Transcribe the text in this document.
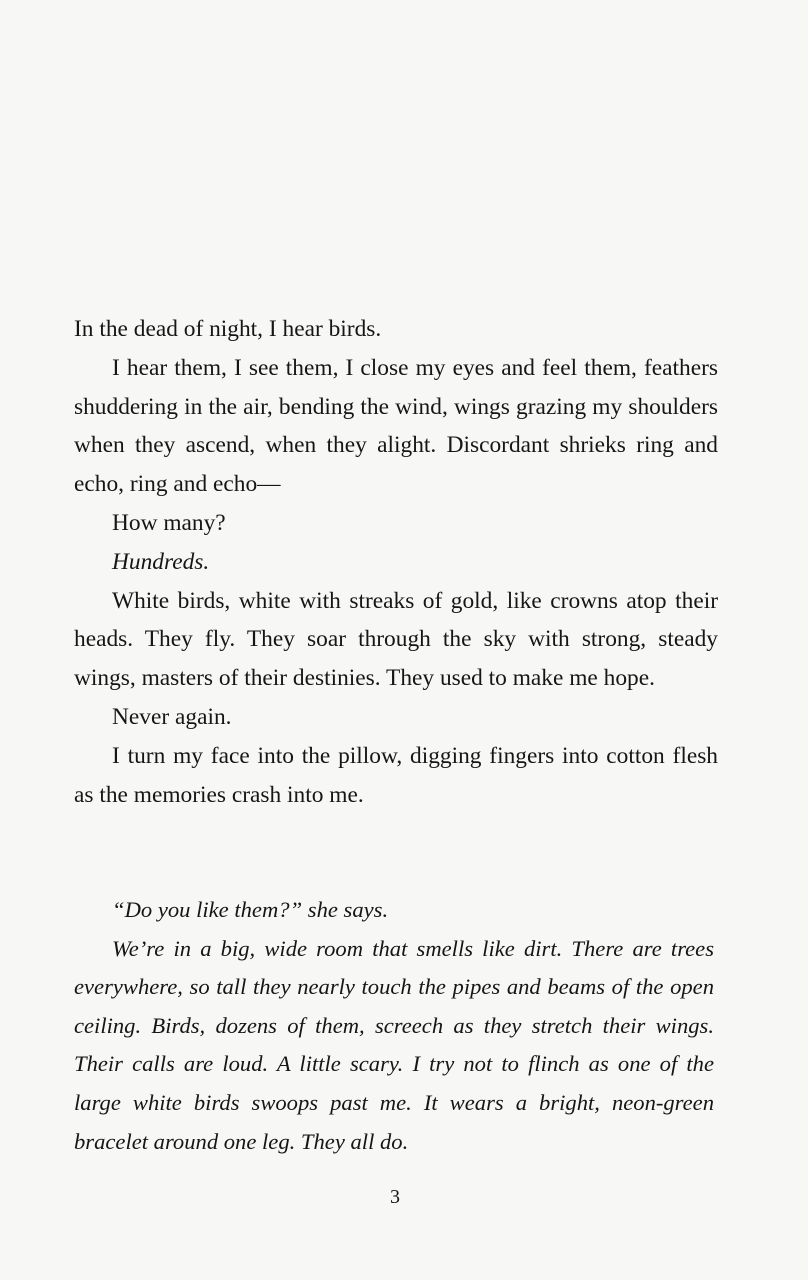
In the dead of night, I hear birds.

I hear them, I see them, I close my eyes and feel them, feathers shuddering in the air, bending the wind, wings grazing my shoulders when they ascend, when they alight. Discordant shrieks ring and echo, ring and echo—

How many?

Hundreds.

White birds, white with streaks of gold, like crowns atop their heads. They fly. They soar through the sky with strong, steady wings, masters of their destinies. They used to make me hope.

Never again.

I turn my face into the pillow, digging fingers into cotton flesh as the memories crash into me.

“Do you like them?” she says.

We’re in a big, wide room that smells like dirt. There are trees everywhere, so tall they nearly touch the pipes and beams of the open ceiling. Birds, dozens of them, screech as they stretch their wings. Their calls are loud. A little scary. I try not to flinch as one of the large white birds swoops past me. It wears a bright, neon-green bracelet around one leg. They all do.

3
